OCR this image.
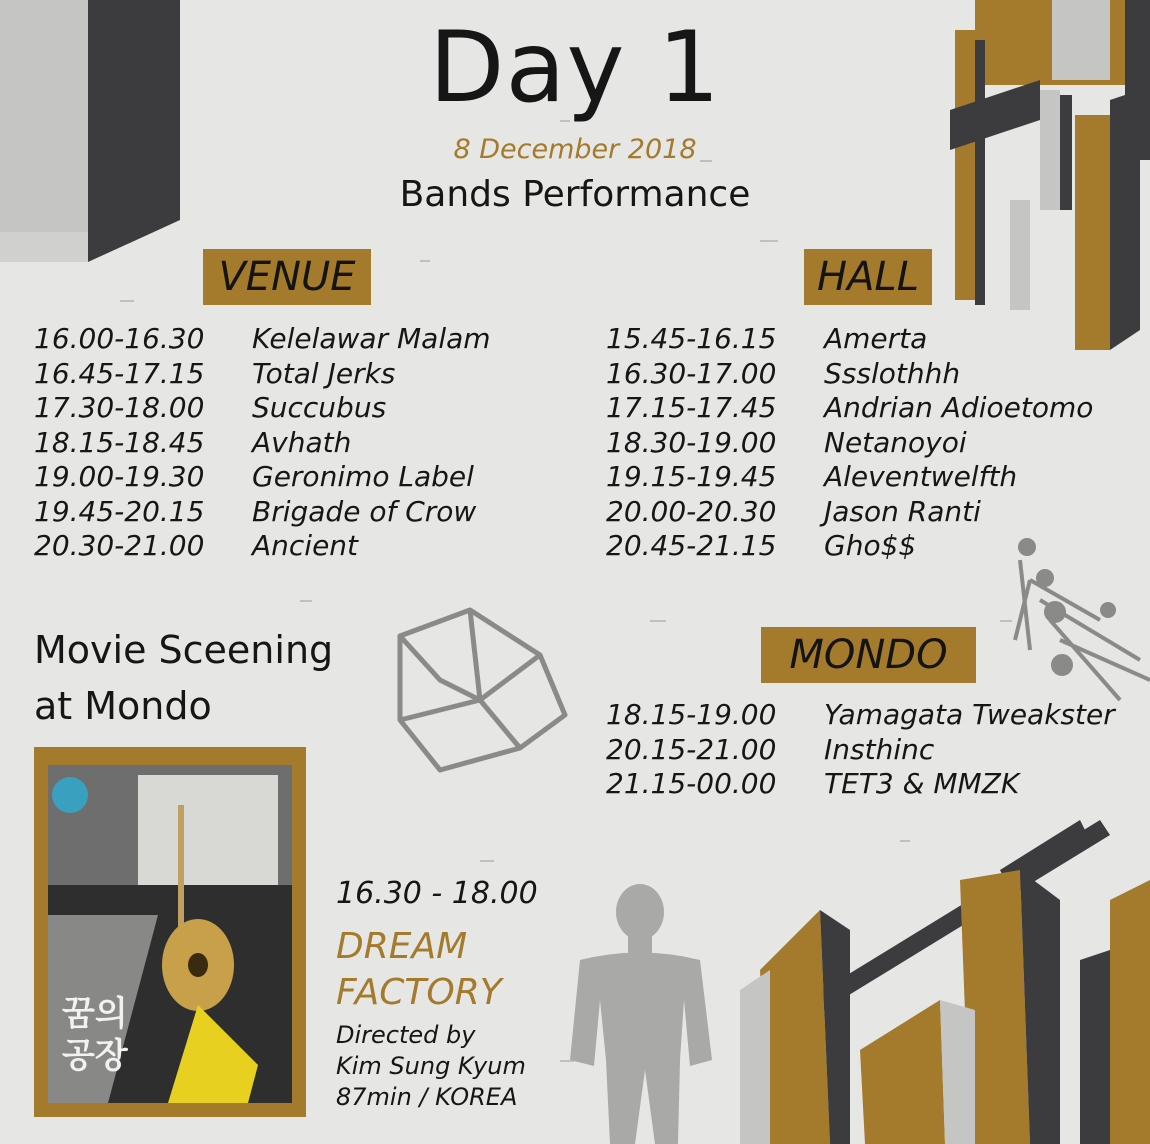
Day 1
8 December 2018
Bands Performance
VENUE
16.00-16.30 Kelelawar Malam
16.45-17.15 Total Jerks
17.30-18.00 Succubus
18.15-18.45 Avhath
19.00-19.30 Geronimo Label
19.45-20.15 Brigade of Crow
20.30-21.00 Ancient
HALL
15.45-16.15 Amerta
16.30-17.00 Ssslothhh
17.15-17.45 Andrian Adioetomo
18.30-19.00 Netanoyoi
19.15-19.45 Aleventwelfth
20.00-20.30 Jason Ranti
20.45-21.15 Gho$$
Movie Sceening
at Mondo
MONDO
18.15-19.00 Yamagata Tweakster
20.15-21.00 Insthinc
21.15-00.00 TET3 & MMZK
꿈의
공장
16.30 - 18.00
DREAM
FACTORY
Directed by
Kim Sung Kyum
87min / KOREA
